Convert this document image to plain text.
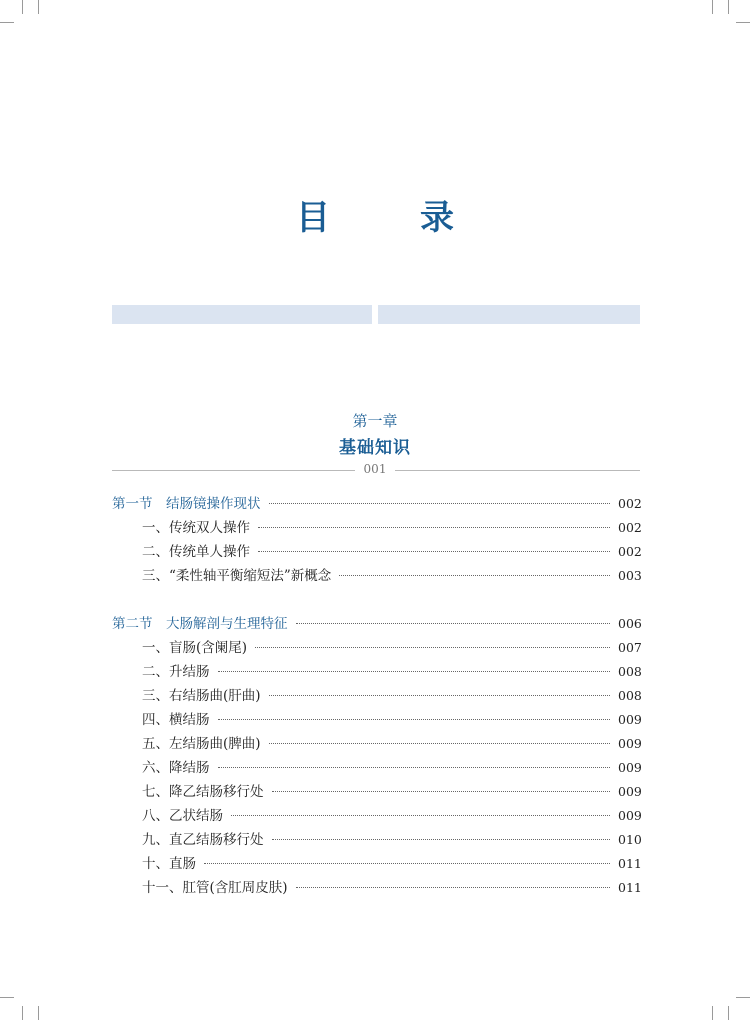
目　录
第一章
基础知识
001
第一节　结肠镜操作现状	002
一、传统双人操作	002
二、传统单人操作	002
三、“柔性轴平衡缩短法”新概念	003
第二节　大肠解剖与生理特征	006
一、盲肠(含阑尾)	007
二、升结肠	008
三、右结肠曲(肝曲)	008
四、横结肠	009
五、左结肠曲(脾曲)	009
六、降结肠	009
七、降乙结肠移行处	009
八、乙状结肠	009
九、直乙结肠移行处	010
十、直肠	011
十一、肛管(含肛周皮肤)	011
